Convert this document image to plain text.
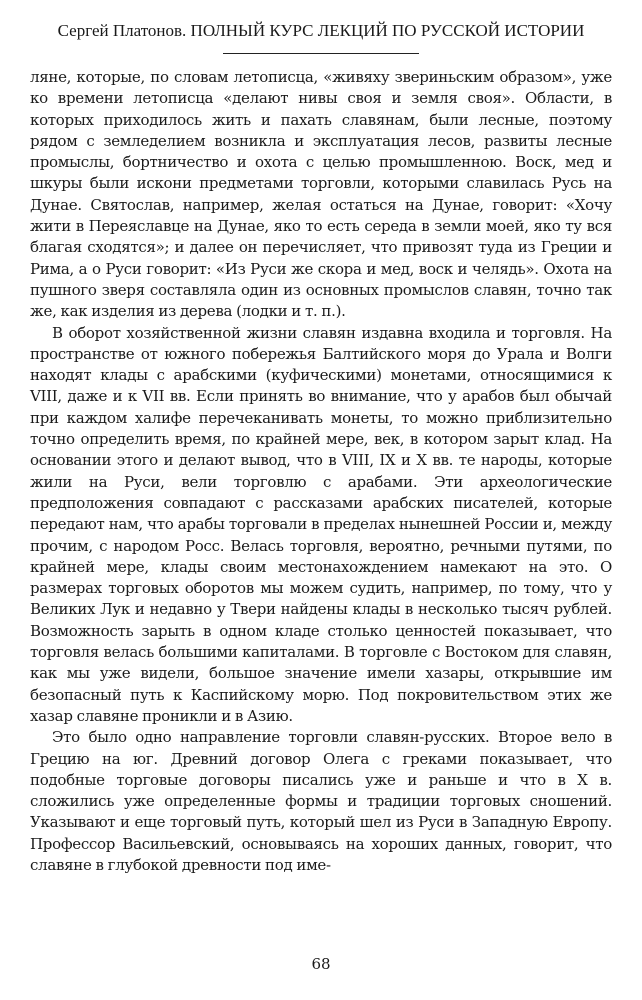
Сергей Платонов. ПОЛНЫЙ КУРС ЛЕКЦИЙ ПО РУССКОЙ ИСТОРИИ

ляне, которые, по словам летописца, «живяху звериньским образом», уже ко времени летописца «делают нивы своя и земля своя». Области, в которых приходилось жить и пахать славянам, были лесные, поэтому рядом с земледелием возникла и эксплуатация лесов, развиты лесные промыслы, бортничество и охота с целью промышленною. Воск, мед и шкуры были искони предметами торговли, которыми славилась Русь на Дунае. Святослав, например, желая остаться на Дунае, говорит: «Хочу жити в Переяславце на Дунае, яко то есть середа в земли моей, яко ту вся благая сходятся»; и далее он перечисляет, что привозят туда из Греции и Рима, а о Руси говорит: «Из Руси же скора и мед, воск и челядь». Охота на пушного зверя составляла один из основных промыслов славян, точно так же, как изделия из дерева (лодки и т. п.).

В оборот хозяйственной жизни славян издавна входила и торговля. На пространстве от южного побережья Балтийского моря до Урала и Волги находят клады с арабскими (куфическими) монетами, относящимися к VIII, даже и к VII вв. Если принять во внимание, что у арабов был обычай при каждом халифе перечеканивать монеты, то можно приблизительно точно определить время, по крайней мере, век, в котором зарыт клад. На основании этого и делают вывод, что в VIII, IX и X вв. те народы, которые жили на Руси, вели торговлю с арабами. Эти археологические предположения совпадают с рассказами арабских писателей, которые передают нам, что арабы торговали в пределах нынешней России и, между прочим, с народом Росс. Велась торговля, вероятно, речными путями, по крайней мере, клады своим местонахождением намекают на это. О размерах торговых оборотов мы можем судить, например, по тому, что у Великих Лук и недавно у Твери найдены клады в несколько тысяч рублей. Возможность зарыть в одном кладе столько ценностей показывает, что торговля велась большими капиталами. В торговле с Востоком для славян, как мы уже видели, большое значение имели хазары, открывшие им безопасный путь к Каспийскому морю. Под покровительством этих же хазар славяне проникли и в Азию.

Это было одно направление торговли славян-русских. Второе вело в Грецию на юг. Древний договор Олега с греками показывает, что подобные торговые договоры писались уже и раньше и что в X в. сложились уже определенные формы и традиции торговых сношений. Указывают и еще торговый путь, который шел из Руси в Западную Европу. Профессор Васильевский, основываясь на хороших данных, говорит, что славяне в глубокой древности под име-

68
